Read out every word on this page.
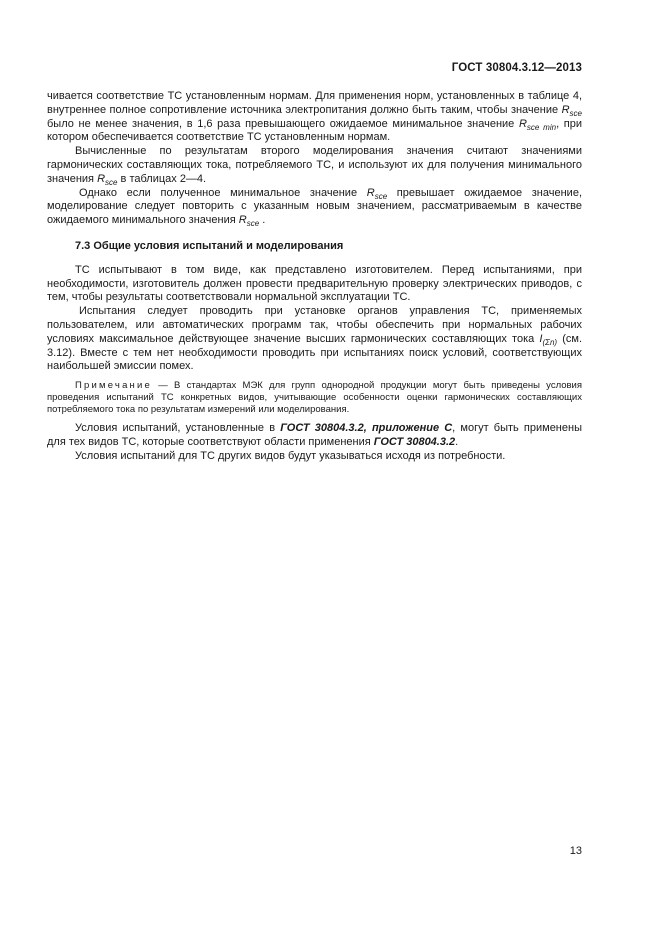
ГОСТ 30804.3.12—2013

чивается соответствие ТС установленным нормам. Для применения норм, установленных в таблице 4, внутреннее полное сопротивление источника электропитания должно быть таким, чтобы значение $R_{sce}$ было не менее значения, в 1,6 раза превышающего ожидаемое минимальное значение $R_{sce min}$, при котором обеспечивается соответствие ТС установленным нормам.

Вычисленные по результатам второго моделирования значения считают значениями гармонических составляющих тока, потребляемого ТС, и используют их для получения минимального значения $R_{sce}$ в таблицах 2—4.

Однако если полученное минимальное значение $R_{sce}$ превышает ожидаемое значение, моделирование следует повторить с указанным новым значением, рассматриваемым в качестве ожидаемого минимального значения $R_{sce}$ .

7.3 Общие условия испытаний и моделирования

ТС испытывают в том виде, как представлено изготовителем. Перед испытаниями, при необходимости, изготовитель должен провести предварительную проверку электрических приводов, с тем, чтобы результаты соответствовали нормальной эксплуатации ТС.

Испытания следует проводить при установке органов управления ТС, применяемых пользователем, или автоматических программ так, чтобы обеспечить при нормальных рабочих условиях максимальное действующее значение высших гармонических составляющих тока $I_{(\Sigma n)}$ (см. 3.12). Вместе с тем нет необходимости проводить при испытаниях поиск условий, соответствующих наибольшей эмиссии помех.

Примечание — В стандартах МЭК для групп однородной продукции могут быть приведены условия проведения испытаний ТС конкретных видов, учитывающие особенности оценки гармонических составляющих потребляемого тока по результатам измерений или моделирования.

Условия испытаний, установленные в ГОСТ 30804.3.2, приложение С, могут быть применены для тех видов ТС, которые соответствуют области применения ГОСТ 30804.3.2.

Условия испытаний для ТС других видов будут указываться исходя из потребности.

13
